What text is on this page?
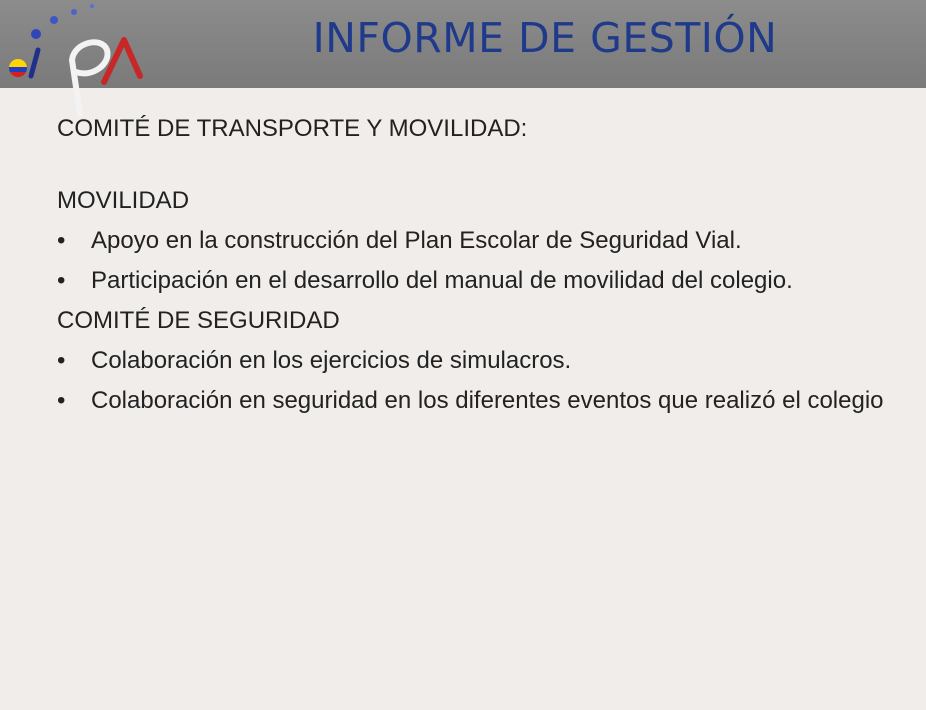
INFORME DE GESTIÓN
COMITÉ DE TRANSPORTE Y MOVILIDAD:
MOVILIDAD
• Apoyo en la construcción del Plan Escolar de Seguridad Vial.
• Participación en el desarrollo del manual de movilidad del colegio.
COMITÉ DE SEGURIDAD
• Colaboración en los ejercicios de simulacros.
• Colaboración en seguridad en los diferentes eventos que realizó el colegio
